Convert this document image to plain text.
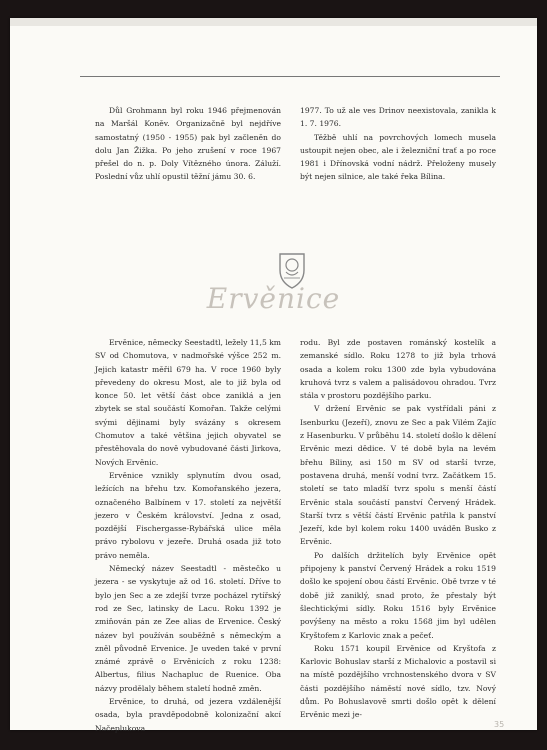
Důl Grohmann byl roku 1946 přejmenován na Maršál Koněv. Organizačně byl nejdříve samostatný (1950 - 1955) pak byl začleněn do dolu Jan Žižka. Po jeho zrušení v roce 1967 přešel do n. p. Doly Vítězného února. Záluží. Poslední vůz uhlí opustil těžní jámu 30. 6.

1977. To už ale ves Drinov neexistovala, zanikla k 1. 7. 1976.

Těžbě uhlí na povrchových lomech musela ustoupit nejen obec, ale i železniční trať a po roce 1981 i Dřínovská vodní nádrž. Přeloženy musely být nejen silnice, ale také řeka Bílina.

Ervěnice

Ervěnice, německy Seestadtl, ležely 11,5 km SV od Chomutova, v nadmořské výšce 252 m. Jejich katastr měřil 679 ha. V roce 1960 byly převedeny do okresu Most, ale to již byla od konce 50. let větší část obce zaniklá a jen zbytek se stal součástí Komořan. Takže celými svými dějinami byly svázány s okresem Chomutov a také většina jejich obyvatel se přestěhovala do nově vybudované části Jirkova, Nových Ervěnic.

Ervěnice vznikly splynutím dvou osad, ležících na břehu tzv. Komořanského jezera, označeného Balbínem v 17. století za největší jezero v Českém království. Jedna z osad, pozdější Fischergasse-Rybářská ulice měla právo rybolovu v jezeře. Druhá osada již toto právo neměla.

Německý název Seestadtl - městečko u jezera - se vyskytuje až od 16. století. Dříve to bylo jen Sec a ze zdejší tvrze pocházel rytířský rod ze Sec, latinsky de Lacu. Roku 1392 je zmiňován pán ze Zee alias de Ervenice. Český název byl používán souběžně s německým a zněl původně Ervenice. Je uveden také v první známé zprávě o Ervěnicích z roku 1238: Albertus, filius Nachapluc de Ruenice. Oba názvy prodělaly během staletí hodně změn.

Ervěnice, to druhá, od jezera vzdálenější osada, byla pravděpodobně kolonizační akcí Načeplukova

rodu. Byl zde postaven románský kostelík a zemanské sídlo. Roku 1278 to již byla trhová osada a kolem roku 1300 zde byla vybudována kruhová tvrz s valem a palisádovou ohradou. Tvrz stála v prostoru pozdějšího parku.

V držení Ervěnic se pak vystřídali páni z Isenburku (Jezeří), znovu ze Sec a pak Vilém Zajíc z Hasenburku. V průběhu 14. století došlo k dělení Ervěnic mezi dědice. V té době byla na levém břehu Bíliny, asi 150 m SV od starší tvrze, postavena druhá, menší vodní tvrz. Začátkem 15. století se tato mladší tvrz spolu s menší částí Ervěnic stala součástí panství Červený Hrádek. Starší tvrz s větší částí Ervěnic patřila k panství Jezeří, kde byl kolem roku 1400 uváděn Busko z Ervěnic.

Po dalších držitelích byly Ervěnice opět připojeny k panství Červený Hrádek a roku 1519 došlo ke spojení obou částí Ervěnic. Obě tvrze v té době již zaniklý, snad proto, že přestaly být šlechtickými sídly. Roku 1516 byly Ervěnice povýšeny na město a roku 1568 jim byl udělen Kryštofem z Karlovic znak a pečeť.

Roku 1571 koupil Ervěnice od Kryštofa z Karlovic Bohuslav starší z Michalovic a postavil si na místě pozdějšího vrchnostenského dvora v SV části pozdějšího náměstí nové sídlo, tzv. Nový dům. Po Bohuslavově smrti došlo opět k dělení Ervěnic mezi je-

35
